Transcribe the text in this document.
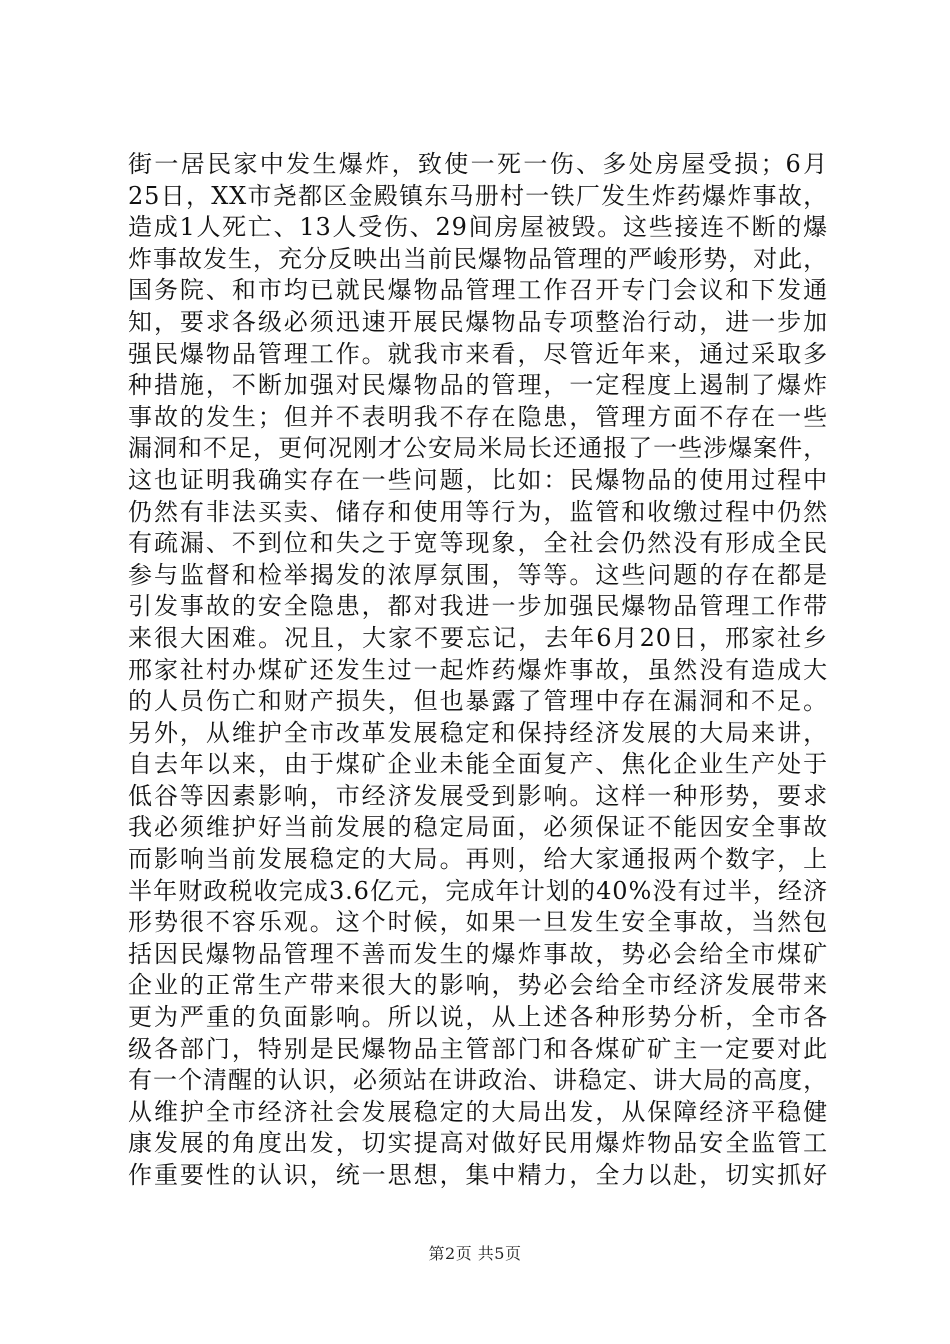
街一居民家中发生爆炸，致使一死一伤、多处房屋受损；6月
25日，XX市尧都区金殿镇东马册村一铁厂发生炸药爆炸事故，
造成1人死亡、13人受伤、29间房屋被毁。这些接连不断的爆
炸事故发生，充分反映出当前民爆物品管理的严峻形势，对此，
国务院、和市均已就民爆物品管理工作召开专门会议和下发通
知，要求各级必须迅速开展民爆物品专项整治行动，进一步加
强民爆物品管理工作。就我市来看，尽管近年来，通过采取多
种措施，不断加强对民爆物品的管理，一定程度上遏制了爆炸
事故的发生；但并不表明我不存在隐患，管理方面不存在一些
漏洞和不足，更何况刚才公安局米局长还通报了一些涉爆案件，
这也证明我确实存在一些问题，比如：民爆物品的使用过程中
仍然有非法买卖、储存和使用等行为，监管和收缴过程中仍然
有疏漏、不到位和失之于宽等现象，全社会仍然没有形成全民
参与监督和检举揭发的浓厚氛围，等等。这些问题的存在都是
引发事故的安全隐患，都对我进一步加强民爆物品管理工作带
来很大困难。况且，大家不要忘记，去年6月20日，邢家社乡
邢家社村办煤矿还发生过一起炸药爆炸事故，虽然没有造成大
的人员伤亡和财产损失，但也暴露了管理中存在漏洞和不足。
另外，从维护全市改革发展稳定和保持经济发展的大局来讲，
自去年以来，由于煤矿企业未能全面复产、焦化企业生产处于
低谷等因素影响，市经济发展受到影响。这样一种形势，要求
我必须维护好当前发展的稳定局面，必须保证不能因安全事故
而影响当前发展稳定的大局。再则，给大家通报两个数字，上
半年财政税收完成3.6亿元，完成年计划的40%没有过半，经济
形势很不容乐观。这个时候，如果一旦发生安全事故，当然包
括因民爆物品管理不善而发生的爆炸事故，势必会给全市煤矿
企业的正常生产带来很大的影响，势必会给全市经济发展带来
更为严重的负面影响。所以说，从上述各种形势分析，全市各
级各部门，特别是民爆物品主管部门和各煤矿矿主一定要对此
有一个清醒的认识，必须站在讲政治、讲稳定、讲大局的高度，
从维护全市经济社会发展稳定的大局出发，从保障经济平稳健
康发展的角度出发，切实提高对做好民用爆炸物品安全监管工
作重要性的认识，统一思想，集中精力，全力以赴，切实抓好
第2页 共5页
